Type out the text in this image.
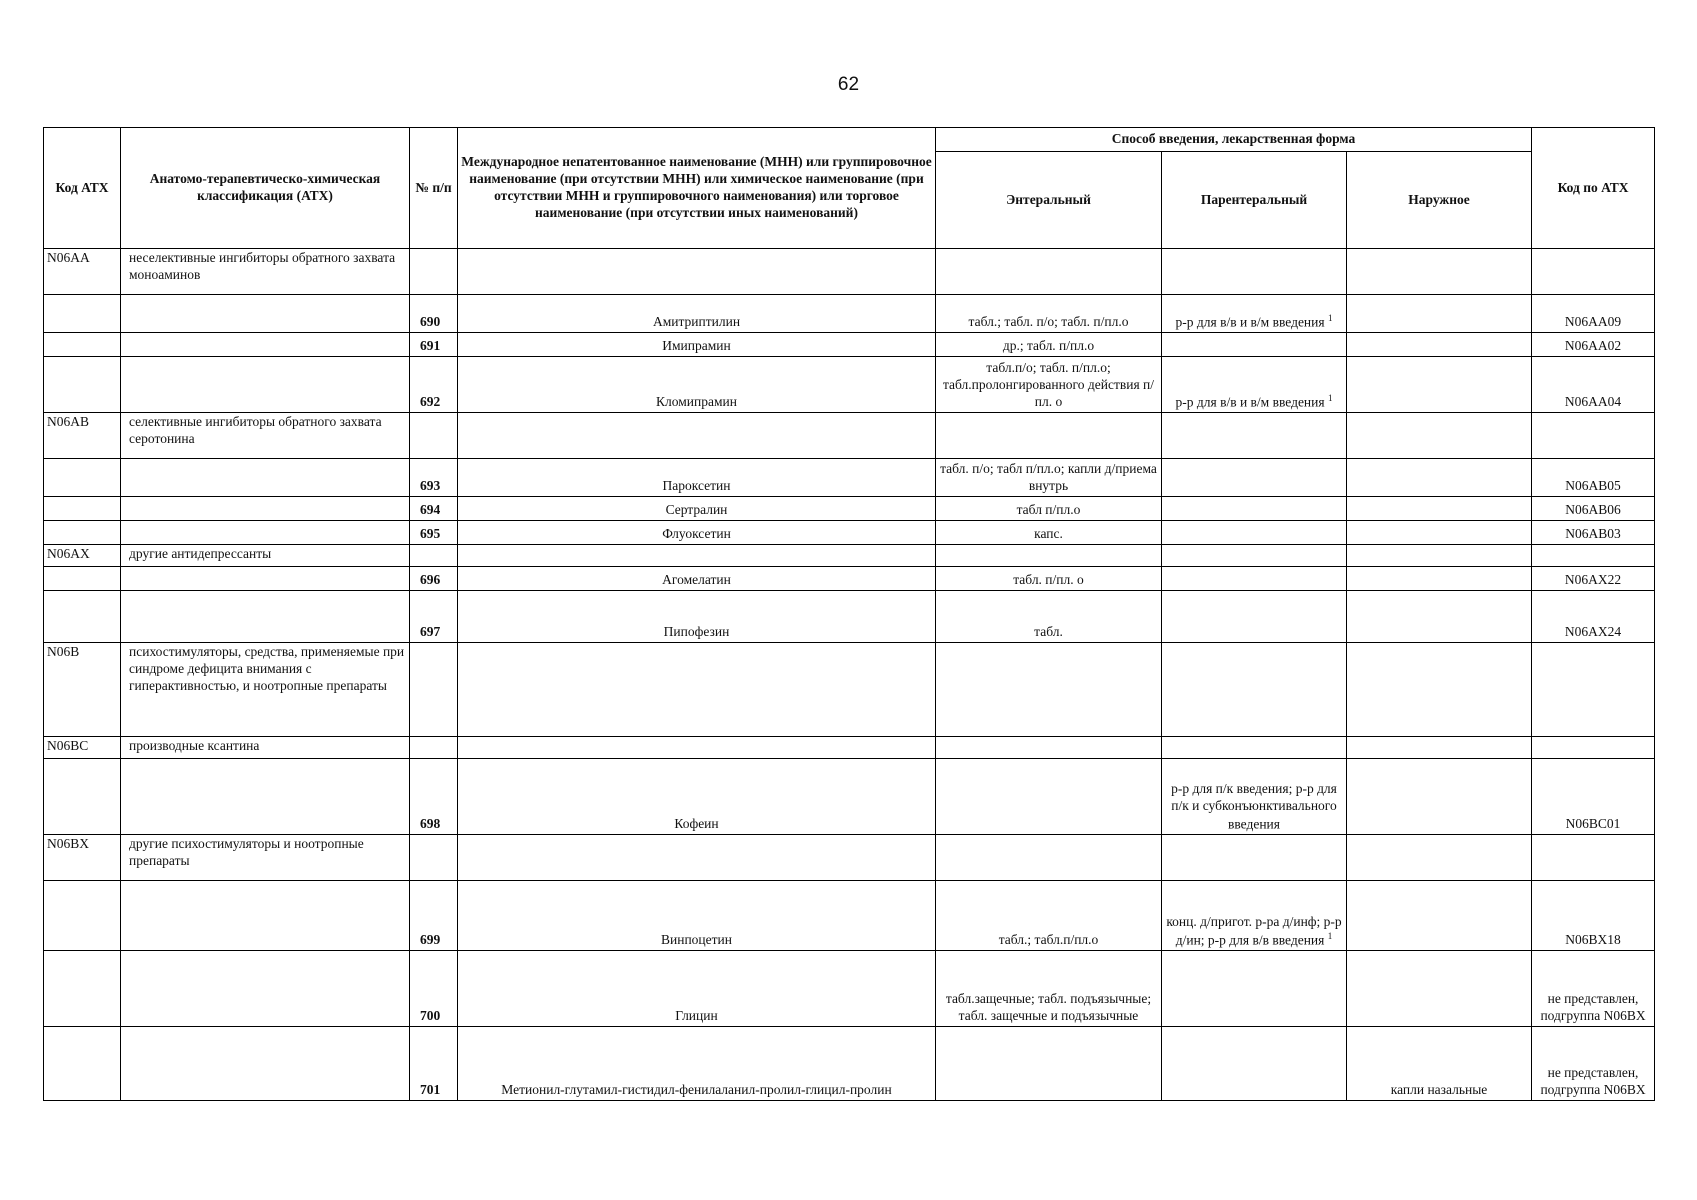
62
Код АТХ	Анатомо-терапевтическо-химическая классификация (АТХ)	№ п/п	Международное непатентованное наименование (МНН) или группировочное наименование (при отсутствии МНН) или химическое наименование (при отсутствии МНН и группировочного наименования) или торговое наименование (при отсутствии иных наименований)	Способ введения, лекарственная форма			Код по АТХ
				Энтеральный	Парентеральный	Наружное	
N06AA	неселективные ингибиторы обратного захвата моноаминов						
		690	Амитриптилин	табл.; табл. п/о; табл. п/пл.о	р-р для в/в и в/м введения $^1$		N06AA09
		691	Имипрамин	др.; табл. п/пл.о			N06AA02
		692	Кломипрамин	табл.п/о; табл. п/пл.о; табл.пролонгированного действия п/пл. о	р-р для в/в и в/м введения $^1$		N06AA04
N06AB	селективные ингибиторы обратного захвата серотонина						
		693	Пароксетин	табл. п/о; табл п/пл.о; капли д/приема внутрь			N06AB05
		694	Сертралин	табл п/пл.о			N06AB06
		695	Флуоксетин	капс.			N06AB03
N06AX	другие антидепрессанты						
		696	Агомелатин	табл. п/пл. о			N06AX22
		697	Пипофезин	табл.			N06AX24
N06B	психостимуляторы, средства, применяемые при синдроме дефицита внимания с гиперактивностью, и ноотропные препараты						
N06BC	производные ксантина						
		698	Кофеин		р-р для п/к введения; р-р для п/к и субконъюнктивального введения		N06BC01
N06BX	другие психостимуляторы и ноотропные препараты						
		699	Винпоцетин	табл.; табл.п/пл.о	конц. д/пригот. р-ра д/инф; р-р д/ин; р-р для в/в введения $^1$		N06BX18
		700	Глицин	табл.защечные; табл. подъязычные; табл. защечные и подъязычные			не представлен, подгруппа N06BX
		701	Метионил-глутамил-гистидил-фенилаланил-пролил-глицил-пролин			капли назальные	не представлен, подгруппа N06BX
